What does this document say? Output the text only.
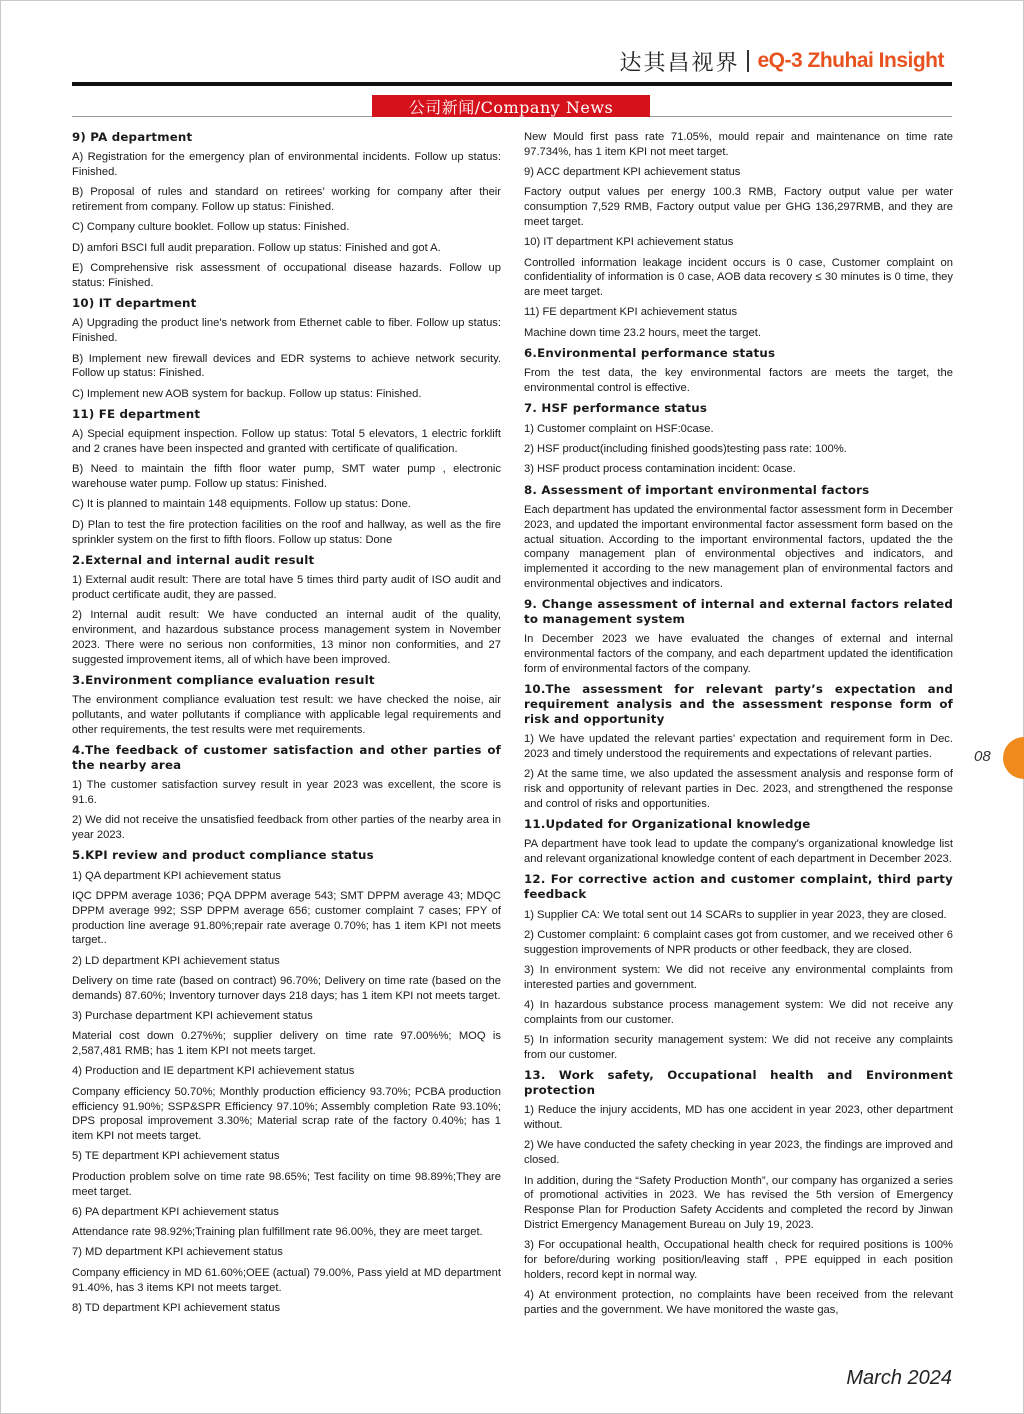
达其昌视界 eQ-3 Zhuhai Insight
公司新闻/Company News
9) PA department

A) Registration for the emergency plan of environmental incidents. Follow up status: Finished.

B) Proposal of rules and standard on retirees’ working for company after their retirement from company. Follow up status: Finished.

C) Company culture booklet. Follow up status: Finished.

D) amfori BSCI full audit preparation. Follow up status: Finished and got A.

E) Comprehensive risk assessment of occupational disease hazards. Follow up status: Finished.

10) IT department

A) Upgrading the product line's network from Ethernet cable to fiber. Follow up status: Finished.

B) Implement new firewall devices and EDR systems to achieve network security. Follow up status: Finished.

C) Implement new AOB system for backup. Follow up status: Finished.

11) FE department

A) Special equipment inspection. Follow up status: Total 5 elevators, 1 electric forklift and 2 cranes have been inspected and granted with certificate of qualification.

B) Need to maintain the fifth floor water pump, SMT water pump , electronic warehouse water pump. Follow up status: Finished.

C) It is planned to maintain 148 equipments. Follow up status: Done.

D) Plan to test the fire protection facilities on the roof and hallway, as well as the fire sprinkler system on the first to fifth floors. Follow up status: Done

2.External and internal audit result

1) External audit result: There are total have 5 times third party audit of ISO audit and product certificate audit, they are passed.

2) Internal audit result: We have conducted an internal audit of the quality, environment, and hazardous substance process management system in November 2023. There were no serious non conformities, 13 minor non conformities, and 27 suggested improvement items, all of which have been improved.

3.Environment compliance evaluation result

The environment compliance evaluation test result: we have checked the noise, air pollutants, and water pollutants if compliance with applicable legal requirements and other requirements, the test results were met requirements.

4.The feedback of customer satisfaction and other parties of the nearby area

1) The customer satisfaction survey result in year 2023 was excellent, the score is 91.6.

2) We did not receive the unsatisfied feedback from other parties of the nearby area in year 2023.

5.KPI review and product compliance status

1) QA department KPI achievement status

IQC DPPM average 1036; PQA DPPM average 543; SMT DPPM average 43; MDQC DPPM average 992; SSP DPPM average 656; customer complaint 7 cases; FPY of production line average 91.80%;repair rate average 0.70%; has 1 item KPI not meets target..

2) LD department KPI achievement status

Delivery on time rate (based on contract) 96.70%; Delivery on time rate (based on the demands) 87.60%; Inventory turnover days 218 days; has 1 item KPI not meets target.

3) Purchase department KPI achievement status

Material cost down 0.27%%; supplier delivery on time rate 97.00%%; MOQ is 2,587,481 RMB; has 1 item KPI not meets target.

4) Production and IE department KPI achievement status

Company efficiency 50.70%; Monthly production efficiency 93.70%; PCBA production efficiency 91.90%; SSP&SPR Efficiency 97.10%; Assembly completion Rate 93.10%; DPS proposal improvement 3.30%; Material scrap rate of the factory 0.40%; has 1 item KPI not meets target.

5) TE department KPI achievement status

Production problem solve on time rate 98.65%; Test facility on time 98.89%;They are meet target.

6) PA department KPI achievement status

Attendance rate 98.92%;Training plan fulfillment rate 96.00%, they are meet target.

7) MD department KPI achievement status

Company efficiency in MD 61.60%;OEE (actual) 79.00%, Pass yield at MD department 91.40%, has 3 items KPI not meets target.

8) TD department KPI achievement status

New Mould first pass rate 71.05%, mould repair and maintenance on time rate 97.734%, has 1 item KPI not meet target.

9) ACC department KPI achievement status

Factory output values per energy 100.3 RMB, Factory output value per water consumption 7,529 RMB, Factory output value per GHG 136,297RMB, and they are meet target.

10) IT department KPI achievement status

Controlled information leakage incident occurs is 0 case, Customer complaint on confidentiality of information is 0 case, AOB data recovery ≤ 30 minutes is 0 time, they are meet target.

11) FE department KPI achievement status

Machine down time 23.2 hours, meet the target.

6.Environmental performance status

From the test data, the key environmental factors are meets the target, the environmental control is effective.

7. HSF performance status

1) Customer complaint on HSF:0case.

2) HSF product(including finished goods)testing pass rate: 100%.

3) HSF product process contamination incident: 0case.

8. Assessment of important environmental factors

Each department has updated the environmental factor assessment form in December 2023, and updated the important environmental factor assessment form based on the actual situation. According to the important environmental factors, updated the the company management plan of environmental objectives and indicators, and implemented it according to the new management plan of environmental factors and environmental objectives and indicators.

9. Change assessment of internal and external factors related to management system

In December 2023 we have evaluated the changes of external and internal environmental factors of the company, and each department updated the identification form of environmental factors of the company.

10.The assessment for relevant party’s expectation and requirement analysis and the assessment response form of risk and opportunity

1) We have updated the relevant parties’ expectation and requirement form in Dec. 2023 and timely understood the requirements and expectations of relevant parties.

2) At the same time, we also updated the assessment analysis and response form of risk and opportunity of relevant parties in Dec. 2023, and strengthened the response and control of risks and opportunities.

11.Updated for Organizational knowledge

PA department have took lead to update the company's organizational knowledge list and relevant organizational knowledge content of each department in December 2023.

12. For corrective action and customer complaint, third party feedback

1) Supplier CA: We total sent out 14 SCARs to supplier in year 2023, they are closed.

2) Customer complaint: 6 complaint cases got from customer, and we received other 6 suggestion improvements of NPR products or other feedback, they are closed.

3) In environment system: We did not receive any environmental complaints from interested parties and government.

4) In hazardous substance process management system: We did not receive any complaints from our customer.

5) In information security management system: We did not receive any complaints from our customer.

13. Work safety, Occupational health and Environment protection

1) Reduce the injury accidents, MD has one accident in year 2023, other department without.

2) We have conducted the safety checking in year 2023, the findings are improved and closed.

In addition, during the “Safety Production Month”, our company has organized a series of promotional activities in 2023. We has revised the 5th version of Emergency Response Plan for Production Safety Accidents and completed the record by Jinwan District Emergency Management Bureau on July 19, 2023.

3) For occupational health, Occupational health check for required positions is 100% for before/during working position/leaving staff , PPE equipped in each position holders, record kept in normal way.

4) At environment protection, no complaints have been received from the relevant parties and the government. We have monitored the waste gas,

08
March 2024
